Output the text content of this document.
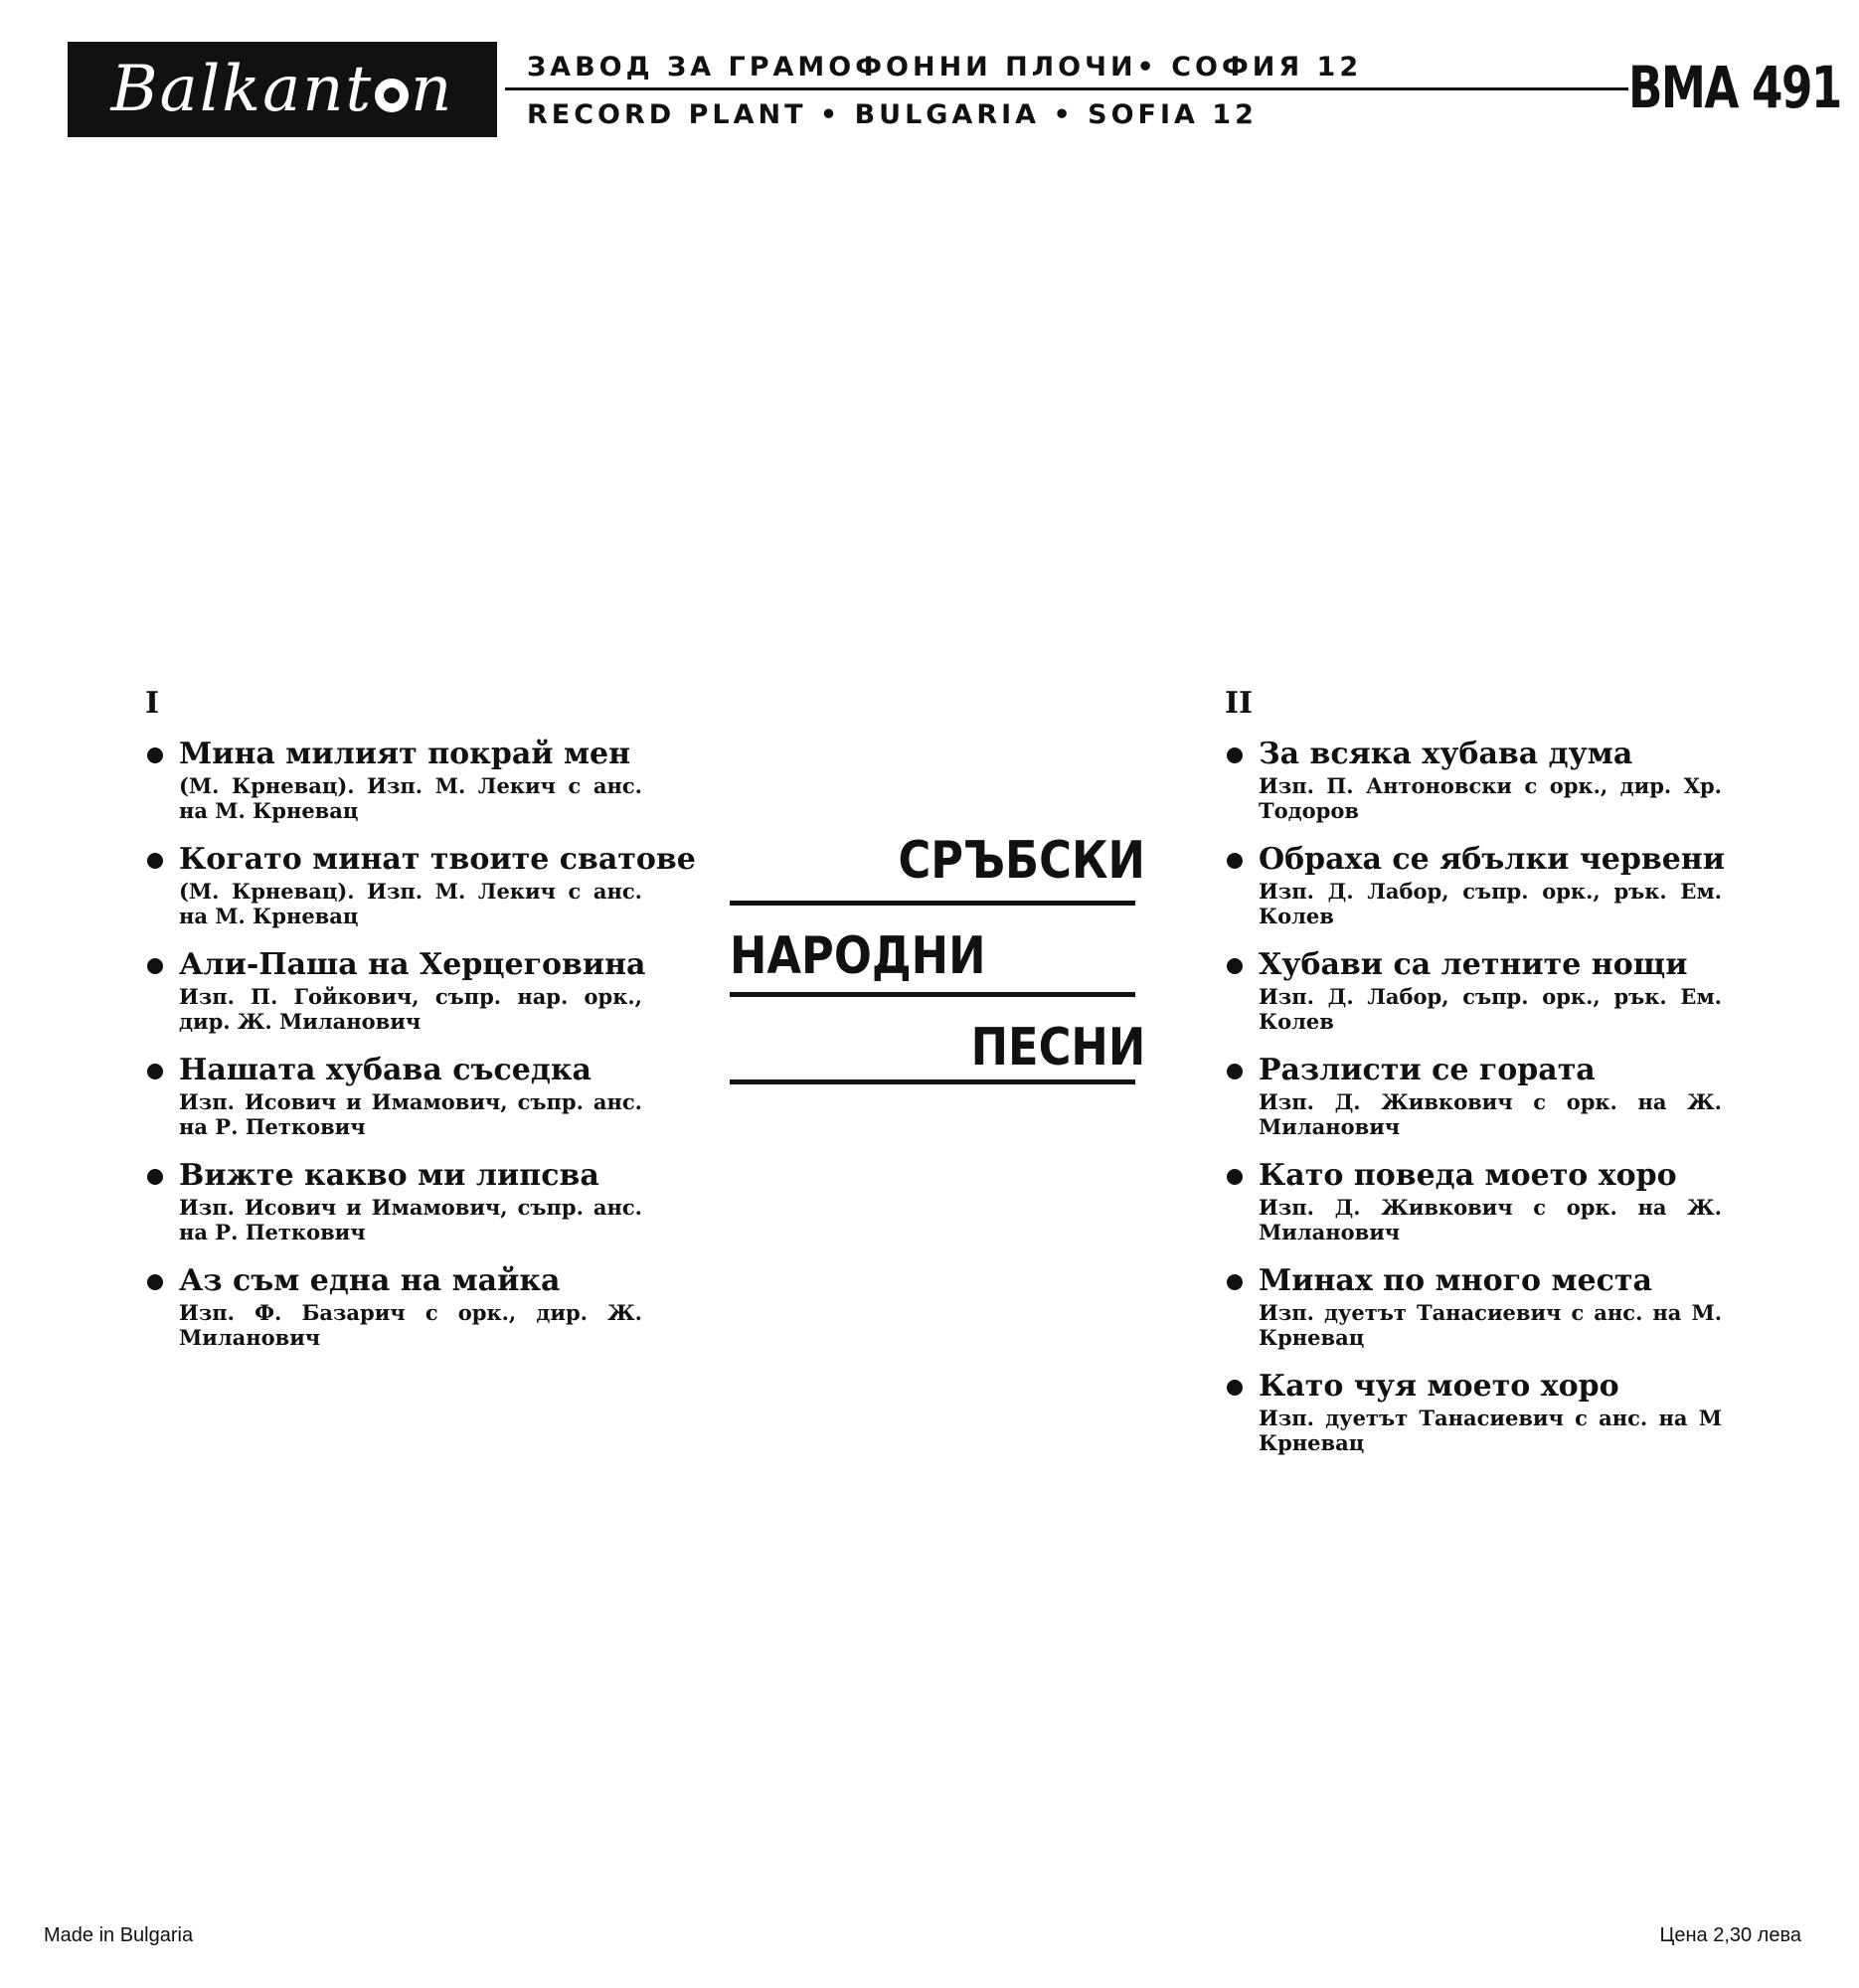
Balkant n	ЗАВОД ЗА ГРАМОФОННИ ПЛОЧИ• СОФИЯ 12
RECORD PLANT • BULGARIA • SOFIA 12	ВМА 491
I
Мина милият покрай мен
(М. Крневац). Изп. М. Лекич с анс. на М. Крневац
Когато минат твоите сватове
(М. Крневац). Изп. М. Лекич с анс. на М. Крневац
Али-Паша на Херцеговина
Изп. П. Гойкович, съпр. нар. орк., дир. Ж. Миланович
Нашата хубава съседка
Изп. Исович и Имамович, съпр. анс. на Р. Петкович
Вижте какво ми липсва
Изп. Исович и Имамович, съпр. анс. на Р. Петкович
Аз съм една на майка
Изп. Ф. Базарич с орк., дир. Ж. Миланович
СРЪБСКИ
НАРОДНИ
ПЕСНИ
II
За всяка хубава дума
Изп. П. Антоновски с орк., дир. Хр. Тодоров
Обраха се ябълки червени
Изп. Д. Лабор, съпр. орк., рък. Ем. Колев
Хубави са летните нощи
Изп. Д. Лабор, съпр. орк., рък. Ем. Колев
Разлисти се гората
Изп. Д. Живкович с орк. на Ж. Миланович
Като поведа моето хоро
Изп. Д. Живкович с орк. на Ж. Миланович
Минах по много места
Изп. дуетът Танасиевич с анс. на М. Крневац
Като чуя моето хоро
Изп. дуетът Танасиевич с анс. на М Крневац
Made in Bulgaria	Цена 2,30 лева
